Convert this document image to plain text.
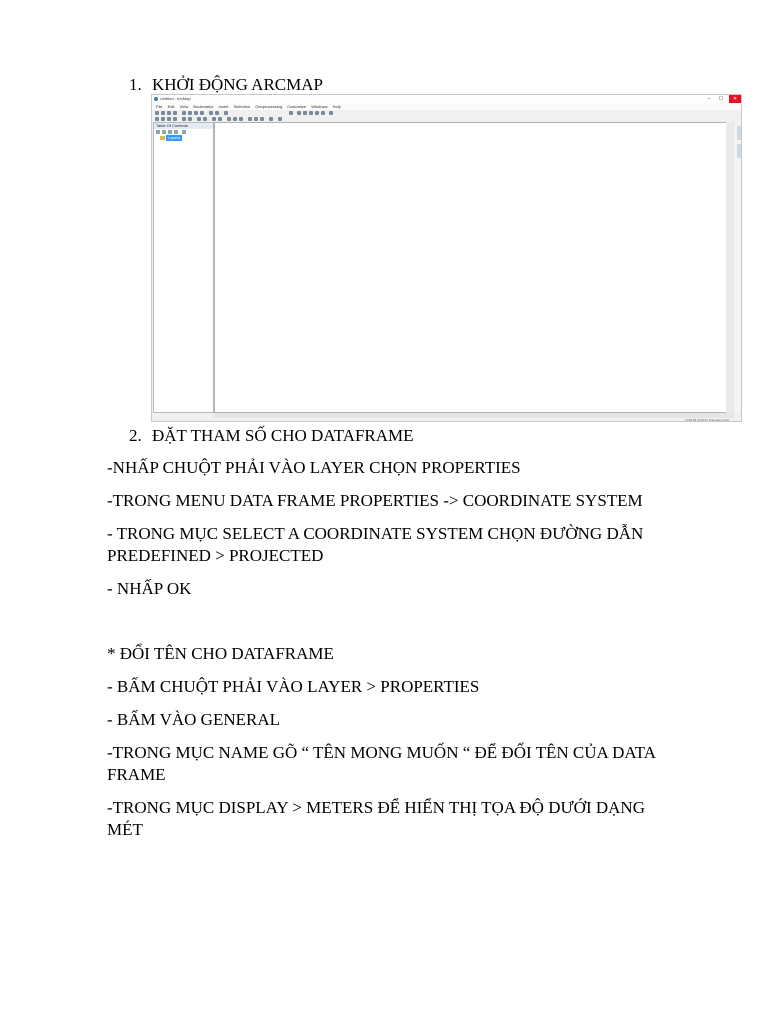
1. KHỞI ĐỘNG ARCMAP
Untitled - ArcMap	–	☐	✕
File Edit View Bookmarks Insert Selection Geoprocessing Customize Windows Help
Table Of Contents
Layers
-4729.86 2148.37 Unknown Units
2. ĐẶT THAM SỐ CHO DATAFRAME
-NHẤP CHUỘT PHẢI VÀO LAYER CHỌN PROPERTIES
-TRONG MENU DATA FRAME PROPERTIES -> COORDINATE SYSTEM
- TRONG MỤC SELECT A COORDINATE SYSTEM CHỌN ĐƯỜNG DẪN
PREDEFINED > PROJECTED
- NHẤP OK
* ĐỔI TÊN CHO DATAFRAME
- BẤM CHUỘT PHẢI VÀO LAYER > PROPERTIES
- BẤM VÀO GENERAL
-TRONG MỤC NAME GÕ “ TÊN MONG MUỐN “ ĐỂ ĐỔI TÊN CỦA DATA
FRAME
-TRONG MỤC DISPLAY > METERS ĐỂ HIỂN THỊ TỌA ĐỘ DƯỚI DẠNG
MÉT
